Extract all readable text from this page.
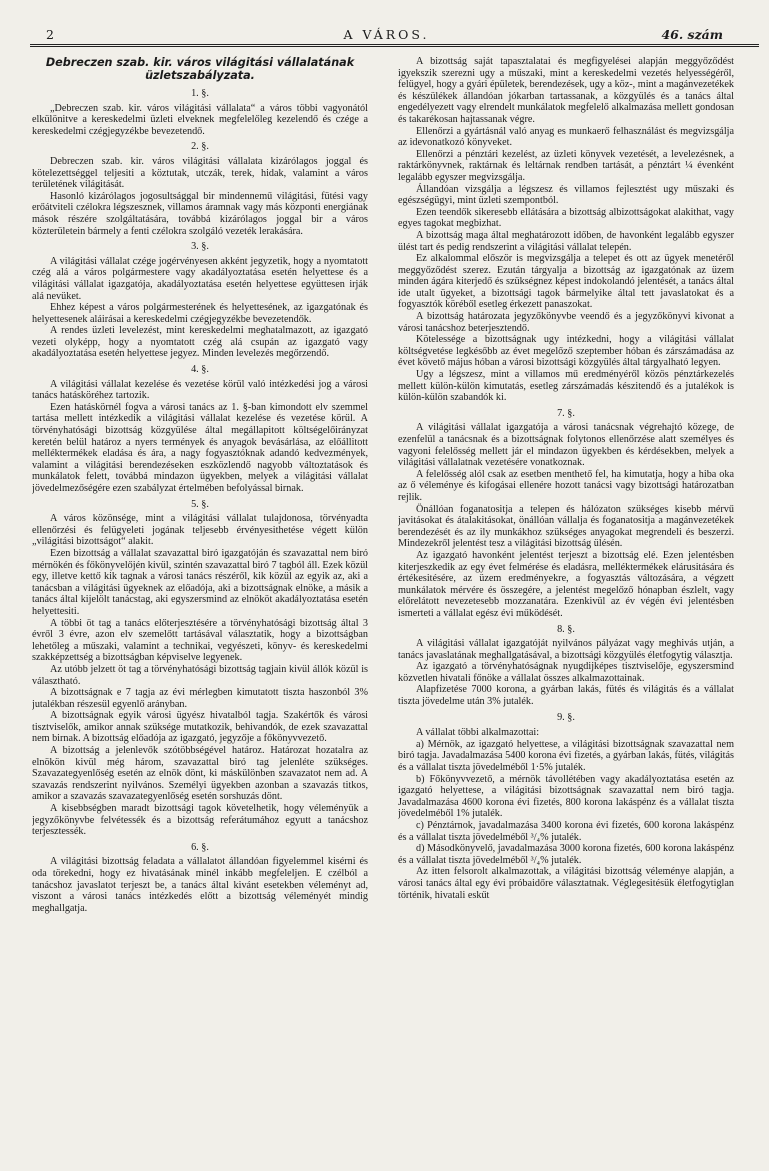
2	A VÁROS.	46. szám

Debreczen szab. kir. város világitási vállalatának üzletszabályzata.

1. §.

„Debreczen szab. kir. város világitási vállalata“ a város többi vagyonától elkülönitve a kereskedelmi üzleti elveknek megfelelőleg kezelendő és czége a kereskedelmi czégjegyzékbe bevezetendő.

2. §.

Debreczen szab. kir. város világitási vállalata kizárólagos joggal és kötelezettséggel teljesiti a köztutak, utczák, terek, hidak, valamint a város területének világitását.

Hasonló kizárólagos jogosultsággal bir mindennemű világitási, fütési vagy erőátviteli czélokra légszesznek, villamos áramnak vagy más központi energiának mások részére szolgáltatására, továbbá kizárólagos joggal bir a város közterületein bármely a fenti czélokra szolgáló vezeték lerakására.

3. §.

A világitási vállalat czége jogérvényesen akként jegyzetik, hogy a nyomtatott czég alá a város polgármestere vagy akadályoztatása esetén helyettese és a világitási vállalat igazgatója, akadályoztatása esetén helyettese együttesen irják alá nevüket.

Ehhez képest a város polgármesterének és helyettesének, az igazgatónak és helyettesenek aláirásai a kereskedelmi czégjegyzékbe bevezetendők.

A rendes üzleti levelezést, mint kereskedelmi meghatalmazott, az igazgató vezeti olyképp, hogy a nyomtatott czég alá csupán az igazgató vagy akadályoztatása esetén helyettese jegyez. Minden levelezés megőrzendő.

4. §.

A világitási vállalat kezelése és vezetése körül való intézkedési jog a városi tanács hatásköréhez tartozik.

Ezen hatáskörnél fogva a városi tanács az 1. §-ban kimondott elv szemmel tartása mellett intézkedik a világitási vállalat kezelése és vezetése körül. A törvényhatósági bizottság közgyülése által megállapitott költségelőirányzat keretén belül határoz a nyers termények és anyagok bevásárlása, az előállitott melléktermékek eladása és ára, a nagy fogyasztóknak adandó kedvezmények, valamint a világitási berendezéseken eszközlendő nagyobb változtatások és munkálatok felett, továbbá mindazon ügyekben, melyek a világitási vállalat jövedelmezőségére ezen szabályzat értelmében befolyással birnak.

5. §.

A város közönsége, mint a világitási vállalat tulajdonosa, törvényadta ellenőrzési és felügyeleti jogának teljesebb érvényesithetése végett külön „világitási bizottságot“ alakit.

Ezen bizottság a vállalat szavazattal biró igazgatóján és szavazattal nem biró mérnökén és főkönyvelőjén kivül, szintén szavazattal biró 7 tagból áll. Ezek közül egy, illetve kettő kik tagnak a városi tanács részéről, kik közül az egyik az, aki a tanácsban a világitási ügyeknek az előadója, aki a bizottságnak elnöke, a másik a tanács által kijelölt tanácstag, aki egyszersmind az elnököt akadályoztatása esetén helyettesiti.

A többi öt tag a tanács előterjesztésére a törvényhatósági bizottság által 3 évről 3 évre, azon elv szemelőtt tartásával választatik, hogy a bizottságban lehetőleg a műszaki, valamint a technikai, vegyészeti, könyv- és kereskedelmi szakképzettség a bizottságban képviselve legyenek.

Az utóbb jelzett öt tag a törvényhatósági bizottság tagjain kivül állók közül is választható.

A bizottságnak e 7 tagja az évi mérlegben kimutatott tiszta haszonból 3% jutalékban részesül egyenlő arányban.

A bizottságnak egyik városi ügyész hivatalból tagja. Szakértők és városi tisztviselők, amikor annak szüksége mutatkozik, behivandók, de ezek szavazattal nem birnak. A bizottság előadója az igazgató, jegyzője a főkönyvvezető.

A bizottság a jelenlevők szótöbbségével határoz. Határozat hozatalra az elnökön kivül még három, szavazattal biró tag jelenléte szükséges. Szavazategyenlőség esetén az elnök dönt, ki máskülönben szavazatot nem ad. A szavazás rendszerint nyilvános. Személyi ügyekben azonban a szavazás titkos, amikor a szavazás szavazategyenlőség esetén sorshuzás dönt.

A kisebbségben maradt bizottsági tagok követelhetik, hogy véleményük a jegyzőkönyvbe felvétessék és a bizottság referátumához egyutt a tanácshoz terjesztessék.

6. §.

A világitási bizottság feladata a vállalatot állandóan figyelemmel kisérni és oda törekedni, hogy ez hivatásának minél inkább megfeleljen. E czélból a tanácshoz javaslatot terjeszt be, a tanács által kivánt esetekben véleményt ad, viszont a városi tanács intézkedés előtt a bizottság véleményét mindig meghallgatja.

A bizottság saját tapasztalatai és megfigyelései alapján meggyőződést igyekszik szerezni ugy a műszaki, mint a kereskedelmi vezetés helyességéről, felügyel, hogy a gyári épületek, berendezések, ugy a köz-, mint a magánvezetékek és készülékek állandóan jókarban tartassanak, a közgyülés és a tanács által engedélyezett vagy elrendelt munkálatok megfelelő alkalmazása mellett gondosan és takarékosan hajtassanak végre.

Ellenőrzi a gyártásnál való anyag es munkaerő felhasználást és megvizsgálja az idevonatkozó könyveket.

Ellenőrzi a pénztári kezelést, az üzleti könyvek vezetését, a levelezésnek, a raktárkönyvnek, raktárnak és leltárnak rendben tartását, a pénztárt ¼ évenként legalább egyszer megvizsgálja.

Állandóan vizsgálja a légszesz és villamos fejlesztést ugy műszaki és egészségügyi, mint üzleti szempontból.

Ezen teendők sikeresebb ellátására a bizottság albizottságokat alakithat, vagy egyes tagokat megbizhat.

A bizottság maga által meghatározott időben, de havonként legalább egyszer ülést tart és pedig rendszerint a világitási vállalat telepén.

Ez alkalommal először is megvizsgálja a telepet és ott az ügyek menetéről meggyőződést szerez. Ezután tárgyalja a bizottság az igazgatónak az üzem minden ágára kiterjedő és szükségnez képest indokolandó jelentését, a tanács által ide utalt ügyeket, a bizottsági tagok bármelyike által tett javaslatokat és a fogyasztók köréből esetleg érkezett panaszokat.

A bizottság határozata jegyzőkönyvbe veendő és a jegyzőkönyvi kivonat a városi tanácshoz beterjesztendő.

Kötelessége a bizottságnak ugy intézkedni, hogy a világitási vállalat költségvetése legkésőbb az évet megelőző szeptember hóban és zárszámadása az évet követő május hóban a városi bizottsági közgyülés által tárgyalható legyen.

Ugy a légszesz, mint a villamos mű eredményéről közös pénztárkezelés mellett külön-külön kimutatás, esetleg zárszámadás készitendő és a jutalékok is külön-külön szabandók ki.

7. §.

A világitási vállalat igazgatója a városi tanácsnak végrehajtó közege, de ezenfelül a tanácsnak és a bizottságnak folytonos ellenőrzése alatt személyes és vagyoni felelősség mellett jár el mindazon ügyekben és kérdésekben, melyek a világitási vállalatnak vezetésére vonatkoznak.

A felelősség alól csak az esetben menthető fel, ha kimutatja, hogy a hiba oka az ő véleménye és kifogásai ellenére hozott tanácsi vagy bizottsági határozatban rejlik.

Önállóan foganatositja a telepen és hálózaton szükséges kisebb mérvű javitásokat és átalakitásokat, önállóan vállalja és foganatositja a magánvezetékek berendezését és az ily munkákhoz szükséges anyagokat megrendeli és beszerzi. Mindezekről jelentést tesz a világitási bizottság ülésén.

Az igazgató havonként jelentést terjeszt a bizottság elé. Ezen jelentésben kiterjeszkedik az egy évet felmérése és eladásra, melléktermékek elárusitására és értékesitésére, az üzem eredményekre, a fogyasztás változására, a végzett munkálatok mérvére és összegére, a jelentést megelőző hónapban észlelt, vagy előrelátott nevezetesebb mozzanatára. Ezenkivül az év végén évi jelentésben ismerteti a vállalat egész évi működését.

8. §.

A világitási vállalat igazgatóját nyilvános pályázat vagy meghivás utján, a tanács javaslatának meghallgatásával, a bizottsági közgyülés életfogytig választja.

Az igazgató a törvényhatóságnak nyugdijképes tisztviselője, egyszersmind közvetlen hivatali főnöke a vállalat összes alkalmazottainak.

Alapfizetése 7000 korona, a gyárban lakás, fütés és világitás és a vállalat tiszta jövedelme után 3% jutalék.

9. §.

A vállalat többi alkalmazottai:

a) Mérnök, az igazgató helyettese, a világitási bizottságnak szavazattal nem biró tagja. Javadalmazása 5400 korona évi fizetés, a gyárban lakás, fütés, világitás és a vállalat tiszta jövedelméből 1·5% jutalék.

b) Főkönyvvezető, a mérnök távollétében vagy akadályoztatása esetén az igazgató helyettese, a világitási bizottságnak szavazattal nem biró tagja. Javadalmazása 4600 korona évi fizetés, 800 korona lakáspénz és a vállalat tiszta jövedelméből 1% jutalék.

c) Pénztárnok, javadalmazása 3400 korona évi fizetés, 600 korona lakáspénz és a vállalat tiszta jövedelméből ³/₄% jutalék.

d) Másodkönyvelő, javadalmazása 3000 korona fizetés, 600 korona lakáspénz és a vállalat tiszta jövedelméből ³/₄% jutalék.

Az itten felsorolt alkalmazottak, a világitási bizottság véleménye alapján, a városi tanács által egy évi próbaidőre választatnak. Véglegesitésük életfogytiglan történik, hivatali eskűt
